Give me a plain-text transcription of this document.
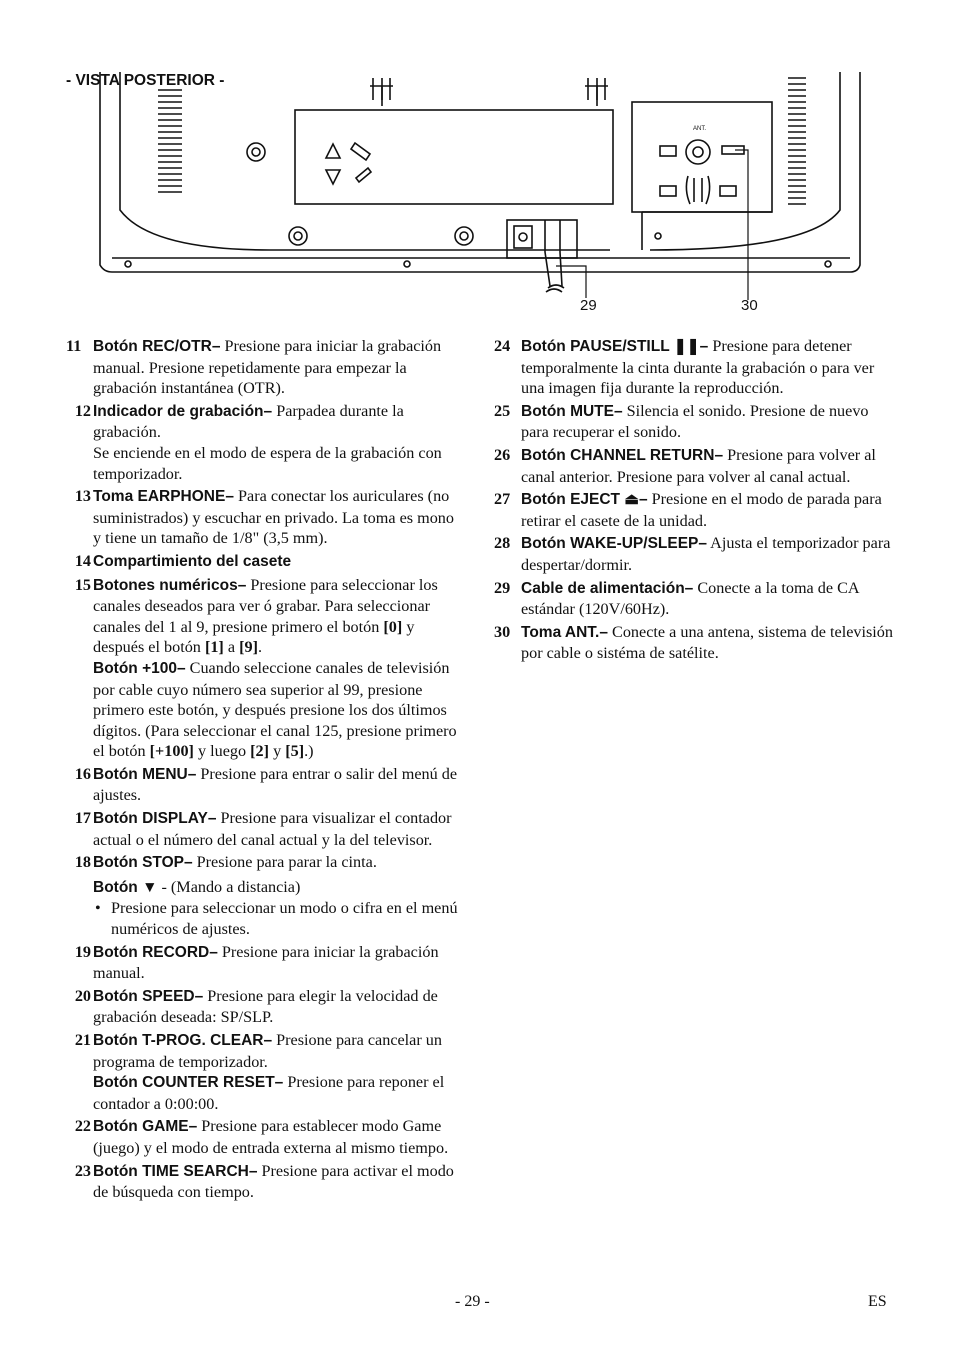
- VISTA POSTERIOR -
ANT.
29	30
11 Botón REC/OTR– Presione para iniciar la grabación manual. Presione repetidamente para empezar la grabación instantánea (OTR).
12 Indicador de grabación– Parpadea durante la grabación.
Se enciende en el modo de espera de la grabación con temporizador.
13 Toma EARPHONE– Para conectar los auriculares (no suministrados) y escuchar en privado. La toma es mono y tiene un tamaño de 1/8" (3,5 mm).
14 Compartimiento del casete
15 Botones numéricos– Presione para seleccionar los canales deseados para ver ó grabar. Para seleccionar canales del 1 al 9, presione primero el botón [0] y después el botón [1] a [9].
Botón +100– Cuando seleccione canales de televisión por cable cuyo número sea superior al 99, presione primero este botón, y después presione los dos últimos dígitos. (Para seleccionar el canal 125, presione primero el botón [+100] y luego [2] y [5].)
16 Botón MENU– Presione para entrar o salir del menú de ajustes.
17 Botón DISPLAY– Presione para visualizar el contador actual o el número del canal actual y la del televisor.
18 Botón STOP– Presione para parar la cinta.
Botón ▼ - (Mando a distancia)
• Presione para seleccionar un modo o cifra en el menú numéricos de ajustes.
19 Botón RECORD– Presione para iniciar la grabación manual.
20 Botón SPEED– Presione para elegir la velocidad de grabación deseada: SP/SLP.
21 Botón T-PROG. CLEAR– Presione para cancelar un programa de temporizador.
Botón COUNTER RESET– Presione para reponer el contador a 0:00:00.
22 Botón GAME– Presione para establecer modo Game (juego) y el modo de entrada externa al mismo tiempo.
23 Botón TIME SEARCH– Presione para activar el modo de búsqueda con tiempo.
24 Botón PAUSE/STILL ❚❚– Presione para detener temporalmente la cinta durante la grabación o para ver una imagen fija durante la reproducción.
25 Botón MUTE– Silencia el sonido. Presione de nuevo para recuperar el sonido.
26 Botón CHANNEL RETURN– Presione para volver al canal anterior. Presione para volver al canal actual.
27 Botón EJECT ⏏– Presione en el modo de parada para retirar el casete de la unidad.
28 Botón WAKE-UP/SLEEP– Ajusta el temporizador para despertar/dormir.
29 Cable de alimentación– Conecte a la toma de CA estándar (120V/60Hz).
30 Toma ANT.– Conecte a una antena, sistema de televisión por cable o sistéma de satélite.
- 29 -	ES
